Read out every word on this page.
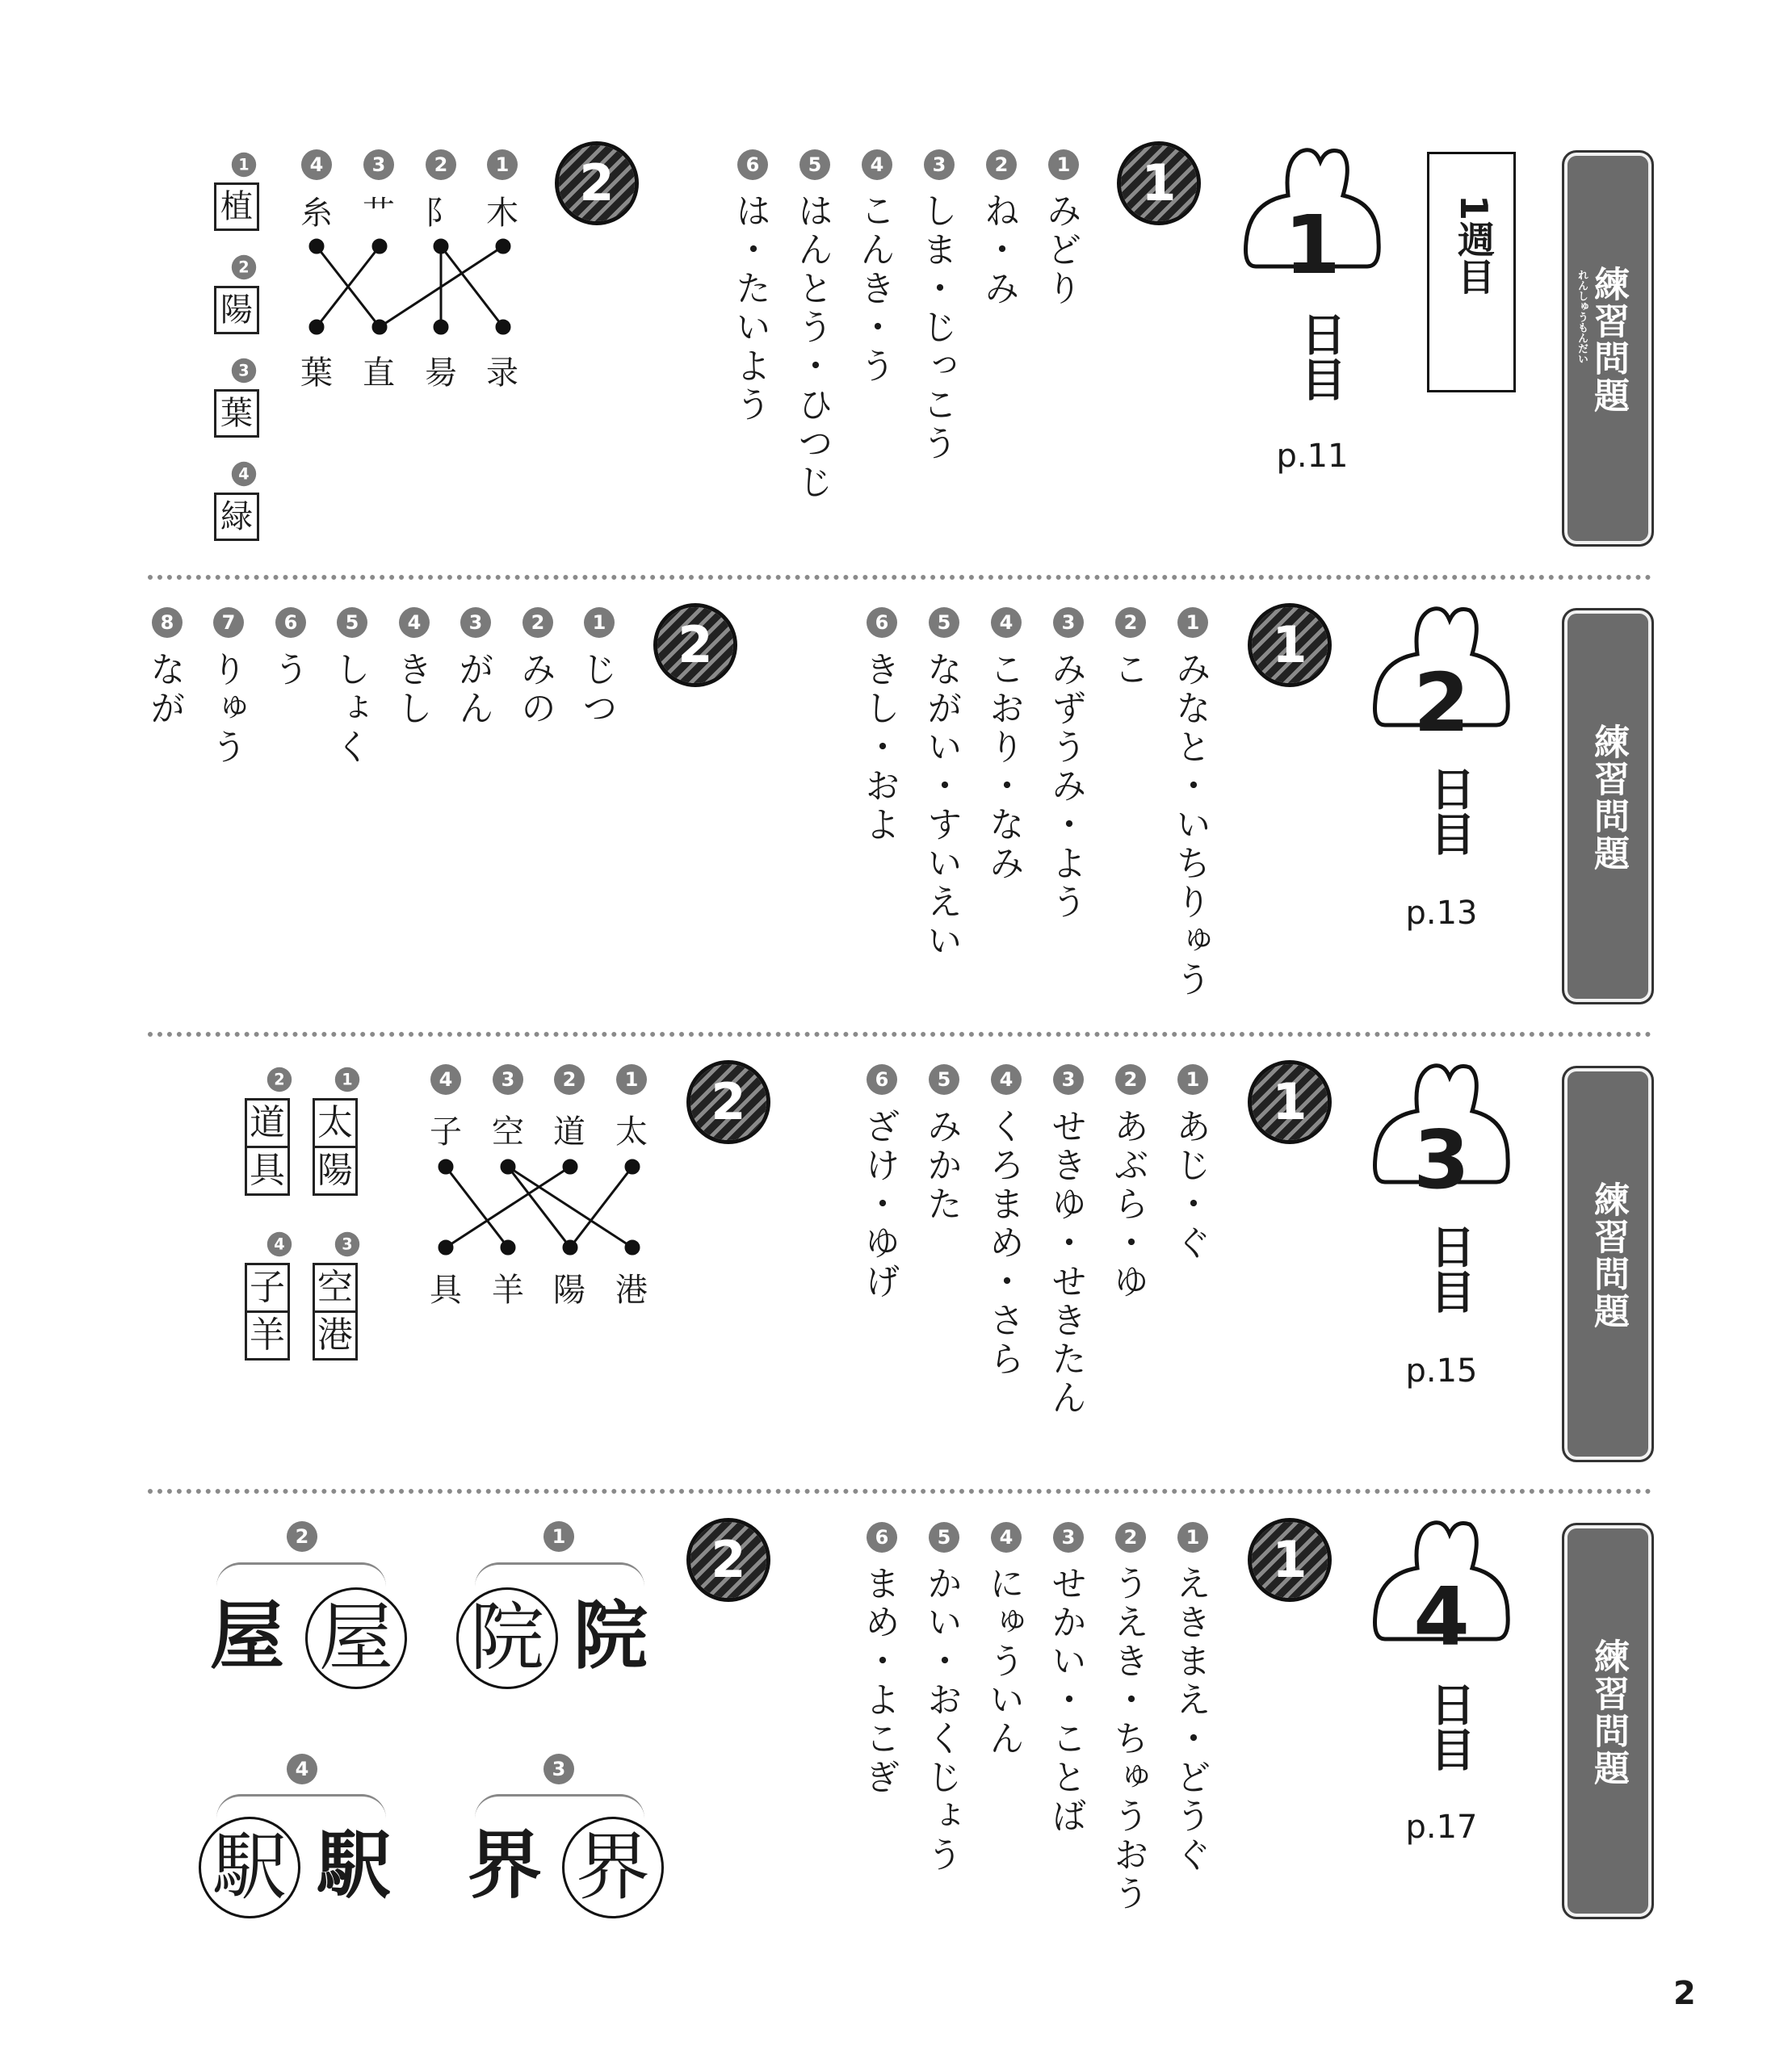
練習問題
れんしゅうもんだい
練習問題
練習問題
練習問題
1週目
1
日目
p.11
2
日目
p.13
3
日目
p.15
4
日目
p.17
1
2
1
2
1
2
1
2
1
みどり
2
ね・み
3
しま・じっこう
4
こんき・う
5
はんとう・ひつじ
6
は・たいよう
4	3	2	1
糸 艹 阝 木
葉 直 昜 录
1
植
2
陽
3
葉
4
緑
1
みなと・いちりゅう
2
こ
3
みずうみ・よう
4
こおり・なみ
5
ながい・すいえい
6
きし・およ
1
じつ
2
みの
3
がん
4
きし
5
しょく
6
う
7
りゅう
8
なが
1
あじ・ぐ
2
あぶら・ゆ
3
せきゆ・せきたん
4
くろまめ・さら
5
みかた
6
ざけ・ゆげ
4	3	2	1
子 空 道 太
具 羊 陽 港
2
道
具
1
太
陽
4
子
羊
3
空
港
1
えきまえ・どうぐ
2
うえき・ちゅうおう
3
せかい・ことば
4
にゅういん
5
かい・おくじょう
6
まめ・よこぎ
2
屋 屋
1
院 院
4
駅 駅
3
界 界
2
